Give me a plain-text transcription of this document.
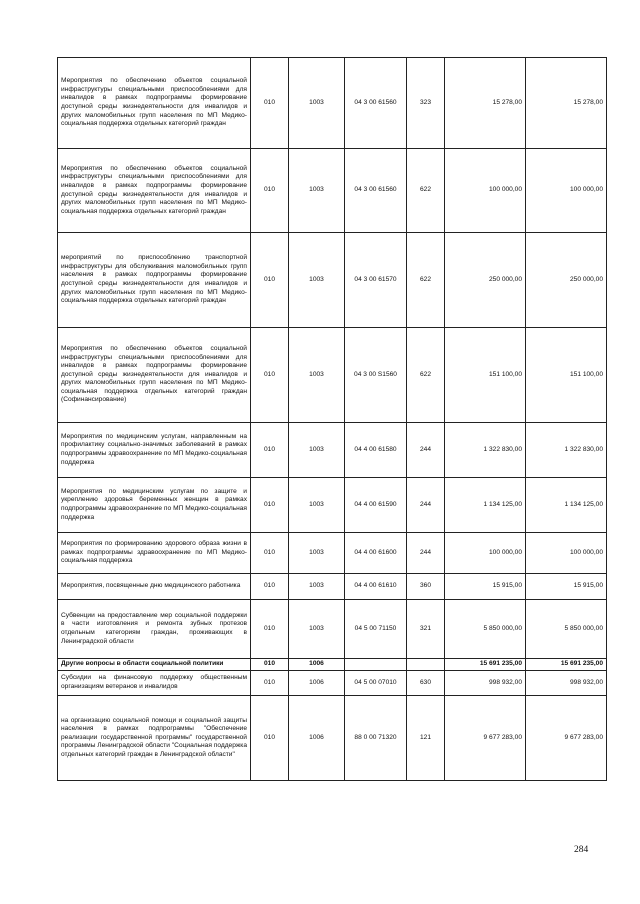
Мероприятия по обеспечению объектов социальной инфраструктуры специальными приспособлениями для инвалидов в рамках подпрограммы формирование доступной среды жизнедеятельности для инвалидов и других маломобильных групп населения по МП Медико-социальная поддержка отдельных категорий граждан	010	1003	04 3 00 61560	323	15 278,00	15 278,00
Мероприятия по обеспечению объектов социальной инфраструктуры специальными приспособлениями для инвалидов в рамках подпрограммы формирование доступной среды жизнедеятельности для инвалидов и других маломобильных групп населения по МП Медико-социальная поддержка отдельных категорий граждан	010	1003	04 3 00 61560	622	100 000,00	100 000,00
мероприятий по приспособлению транспортной инфраструктуры для обслуживания маломобильных групп населения в рамках подпрограммы формирование доступной среды жизнедеятельности для инвалидов и других маломобильных групп населения по МП Медико-социальная поддержка отдельных категорий граждан	010	1003	04 3 00 61570	622	250 000,00	250 000,00
Мероприятия по обеспечению объектов социальной инфраструктуры специальными приспособлениями для инвалидов в рамках подпрограммы формирование доступной среды жизнедеятельности для инвалидов и других маломобильных групп населения по МП Медико-социальная поддержка отдельных категорий граждан (Софинансирование)	010	1003	04 3 00 S1560	622	151 100,00	151 100,00
Мероприятия по медицинским услугам, направленным на профилактику социально-значимых заболеваний в рамках подпрограммы здравоохранение по МП Медико-социальная поддержка	010	1003	04 4 00 61580	244	1 322 830,00	1 322 830,00
Мероприятия по медицинским услугам по защите и укреплению здоровья беременных женщин в рамках подпрограммы здравоохранение по МП Медико-социальная поддержка	010	1003	04 4 00 61590	244	1 134 125,00	1 134 125,00
Мероприятия по формированию здорового образа жизни в рамках подпрограммы здравоохранение по МП Медико-социальная поддержка	010	1003	04 4 00 61600	244	100 000,00	100 000,00
Мероприятия, посвященные дню медицинского работника	010	1003	04 4 00 61610	360	15 915,00	15 915,00
Субвенции на предоставление мер социальной поддержки в части изготовления и ремонта зубных протезов отдельным категориям граждан, проживающих в Ленинградской области	010	1003	04 5 00 71150	321	5 850 000,00	5 850 000,00
Другие вопросы в области социальной политики	010	1006			15 691 235,00	15 691 235,00
Субсидии на финансовую поддержку общественным организациям ветеранов и инвалидов	010	1006	04 5 00 07010	630	998 932,00	998 932,00
на организацию социальной помощи и социальной защиты населения в рамках подпрограммы "Обеспечение реализации государственной программы" государственной программы Ленинградской области "Социальная поддержка отдельных категорий граждан в Ленинградской области"	010	1006	88 0 00 71320	121	9 677 283,00	9 677 283,00
284
